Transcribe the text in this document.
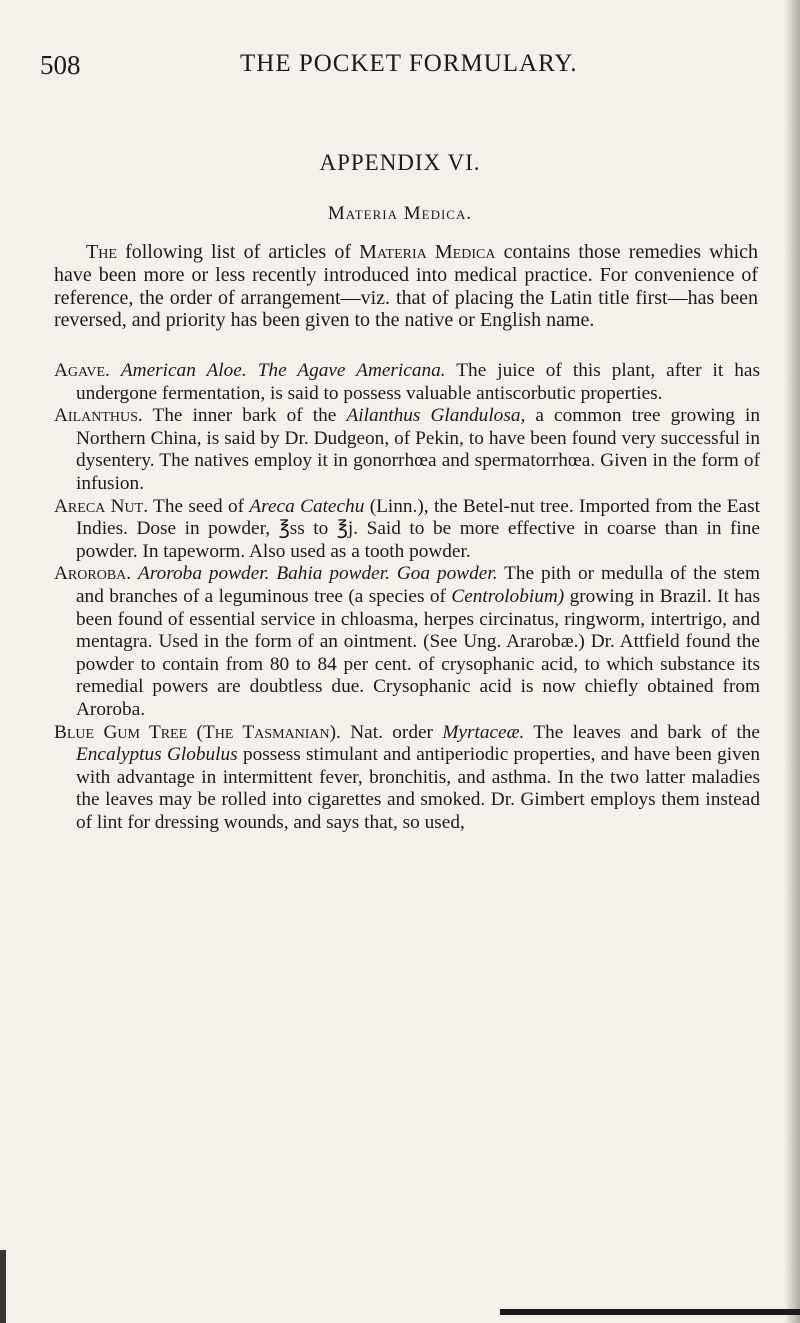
508	THE POCKET FORMULARY.
APPENDIX VI.
Materia Medica.

The following list of articles of Materia Medica contains those remedies which have been more or less recently introduced into medical practice. For convenience of reference, the order of arrangement—viz. that of placing the Latin title first—has been reversed, and priority has been given to the native or English name.

Agave. American Aloe. The Agave Americana. The juice of this plant, after it has undergone fermentation, is said to possess valuable antiscorbutic properties.

Ailanthus. The inner bark of the Ailanthus Glandulosa, a common tree growing in Northern China, is said by Dr. Dudgeon, of Pekin, to have been found very successful in dysentery. The natives employ it in gonorrhœa and spermatorrhœa. Given in the form of infusion.

Areca Nut. The seed of Areca Catechu (Linn.), the Betel-nut tree. Imported from the East Indies. Dose in powder, ℥ss to ℥j. Said to be more effective in coarse than in fine powder. In tapeworm. Also used as a tooth powder.

Aroroba. Aroroba powder. Bahia powder. Goa powder. The pith or medulla of the stem and branches of a leguminous tree (a species of Centrolobium) growing in Brazil. It has been found of essential service in chloasma, herpes circinatus, ringworm, intertrigo, and mentagra. Used in the form of an ointment. (See Ung. Ararobæ.) Dr. Attfield found the powder to contain from 80 to 84 per cent. of crysophanic acid, to which substance its remedial powers are doubtless due. Crysophanic acid is now chiefly obtained from Aroroba.

Blue Gum Tree (The Tasmanian). Nat. order Myrtaceæ. The leaves and bark of the Encalyptus Globulus possess stimulant and antiperiodic properties, and have been given with advantage in intermittent fever, bronchitis, and asthma. In the two latter maladies the leaves may be rolled into cigarettes and smoked. Dr. Gimbert employs them instead of lint for dressing wounds, and says that, so used,
